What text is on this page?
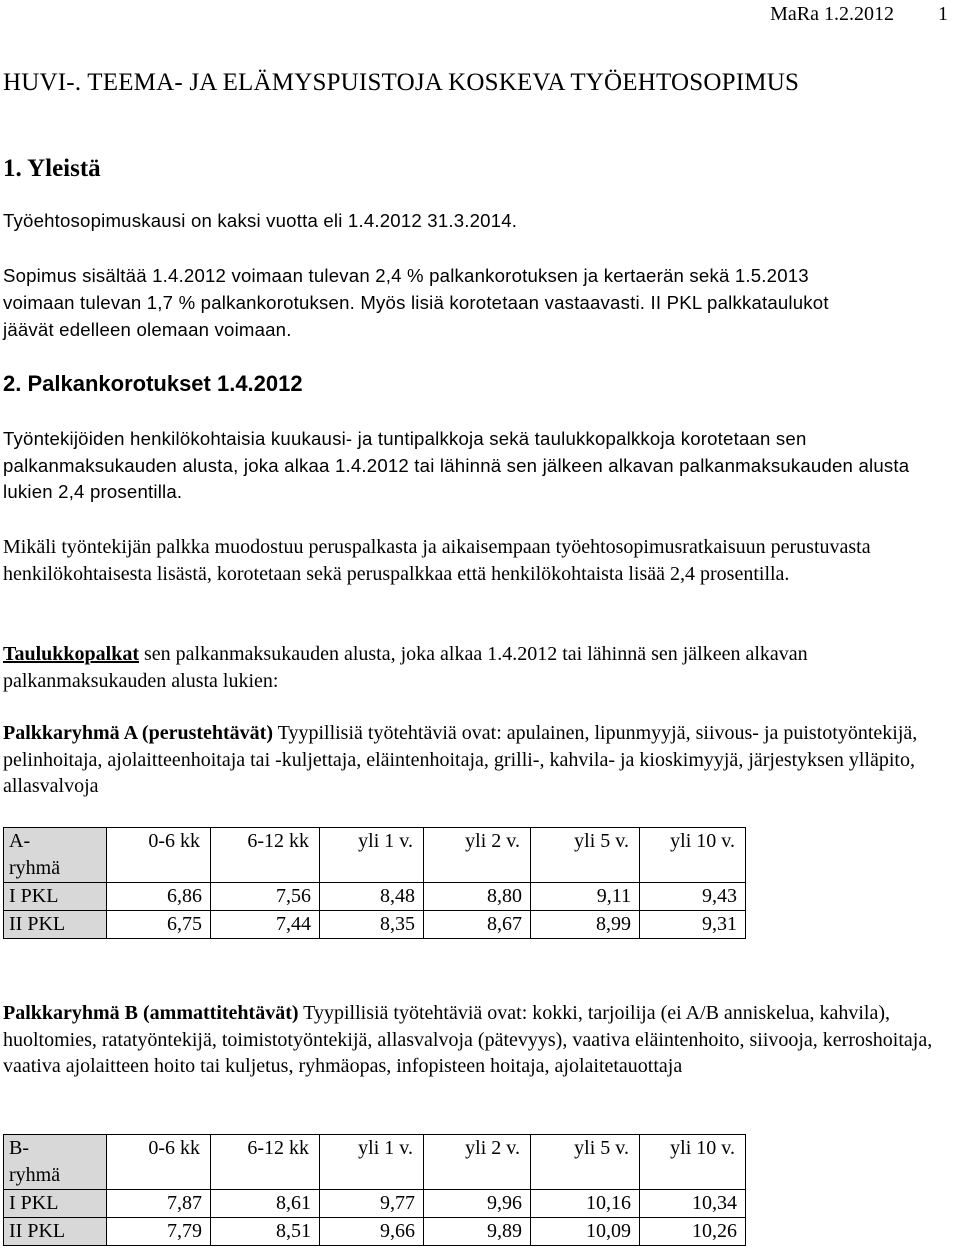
MaRa 1.2.2012 1
HUVI-. TEEMA- JA ELÄMYSPUISTOJA KOSKEVA TYÖEHTOSOPIMUS
1. Yleistä

Työehtosopimuskausi on kaksi vuotta eli 1.4.2012 31.3.2014.

Sopimus sisältää 1.4.2012 voimaan tulevan 2,4 % palkankorotuksen ja kertaerän sekä 1.5.2013
voimaan tulevan 1,7 % palkankorotuksen. Myös lisiä korotetaan vastaavasti. II PKL palkkataulukot
jäävät edelleen olemaan voimaan.
2. Palkankorotukset 1.4.2012

Työntekijöiden henkilökohtaisia kuukausi- ja tuntipalkkoja sekä taulukkopalkkoja korotetaan sen palkanmaksukauden alusta, joka alkaa 1.4.2012 tai lähinnä sen jälkeen alkavan palkanmaksukauden alusta lukien 2,4 prosentilla.

Mikäli työntekijän palkka muodostuu peruspalkasta ja aikaisempaan työehtosopimusratkaisuun perustuvasta henkilökohtaisesta lisästä, korotetaan sekä peruspalkkaa että henkilökohtaista lisää 2,4 prosentilla.

Taulukkopalkat sen palkanmaksukauden alusta, joka alkaa 1.4.2012 tai lähinnä sen jälkeen alkavan palkanmaksukauden alusta lukien:

Palkkaryhmä A (perustehtävät) Tyypillisiä työtehtäviä ovat: apulainen, lipunmyyjä, siivous- ja puistotyöntekijä, pelinhoitaja, ajolaitteenhoitaja tai -kuljettaja, eläintenhoitaja, grilli-, kahvila- ja kioskimyyjä, järjestyksen ylläpito, allasvalvoja

A-
ryhmä	0-6 kk	6-12 kk	yli 1 v.	yli 2 v.	yli 5 v.	yli 10 v.
I PKL	6,86	7,56	8,48	8,80	9,11	9,43
II PKL	6,75	7,44	8,35	8,67	8,99	9,31

Palkkaryhmä B (ammattitehtävät) Tyypillisiä työtehtäviä ovat: kokki, tarjoilija (ei A/B anniskelua, kahvila), huoltomies, ratatyöntekijä, toimistotyöntekijä, allasvalvoja (pätevyys), vaativa eläintenhoito, siivooja, kerroshoitaja, vaativa ajolaitteen hoito tai kuljetus, ryhmäopas, infopisteen hoitaja, ajolaitetauottaja

B-
ryhmä	0-6 kk	6-12 kk	yli 1 v.	yli 2 v.	yli 5 v.	yli 10 v.
I PKL	7,87	8,61	9,77	9,96	10,16	10,34
II PKL	7,79	8,51	9,66	9,89	10,09	10,26
